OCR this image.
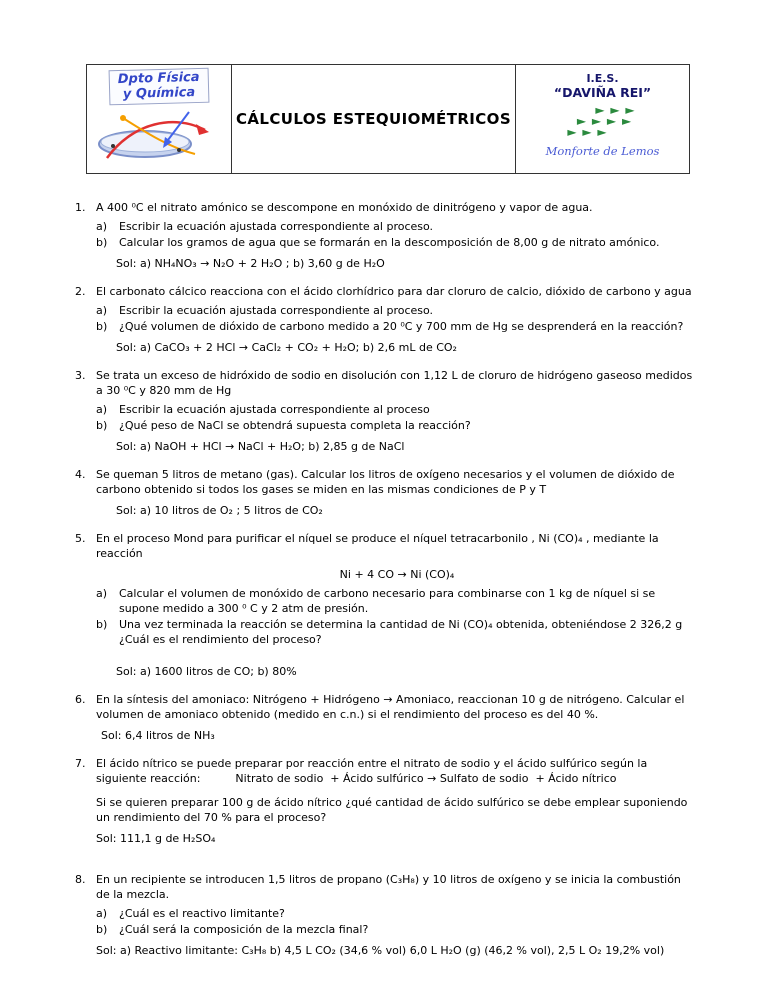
Dpto Física
y Química
CÁLCULOS ESTEQUIOMÉTRICOS
I.E.S.
“DAVIÑA REI”
► ► ►
► ► ► ►
► ► ►
Monforte de Lemos
1. A 400 ⁰C el nitrato amónico se descompone en monóxido de dinitrógeno y vapor de agua.
a)	Escribir la ecuación ajustada correspondiente al proceso.
b)	Calcular los gramos de agua que se formarán en la descomposición de 8,00 g de nitrato amónico.
Sol: a) NH₄NO₃ → N₂O + 2 H₂O ; b) 3,60 g de H₂O
2. El carbonato cálcico reacciona con el ácido clorhídrico para dar cloruro de calcio, dióxido de carbono y agua
a)	Escribir la ecuación ajustada correspondiente al proceso.
b)	¿Qué volumen de dióxido de carbono medido a 20 ⁰C y 700 mm de Hg se desprenderá en la reacción?
Sol: a) CaCO₃ + 2 HCl → CaCl₂ + CO₂ + H₂O; b) 2,6 mL de CO₂
3. Se trata un exceso de hidróxido de sodio en disolución con 1,12 L de cloruro de hidrógeno gaseoso medidos a 30 ⁰C y 820 mm de Hg
a)	Escribir la ecuación ajustada correspondiente al proceso
b)	¿Qué peso de NaCl se obtendrá supuesta completa la reacción?
Sol: a) NaOH + HCl → NaCl + H₂O; b) 2,85 g de NaCl
4. Se queman 5 litros de metano (gas). Calcular los litros de oxígeno necesarios y el volumen de dióxido de carbono obtenido si todos los gases se miden en las mismas condiciones de P y T
Sol: a) 10 litros de O₂ ; 5 litros de CO₂
5. En el proceso Mond para purificar el níquel se produce el níquel tetracarbonilo , Ni (CO)₄ , mediante la reacción
Ni + 4 CO → Ni (CO)₄
a)	Calcular el volumen de monóxido de carbono necesario para combinarse con 1 kg de níquel si se supone medido a 300 ⁰ C y 2 atm de presión.
b)	Una vez terminada la reacción se determina la cantidad de Ni (CO)₄ obtenida, obteniéndose 2 326,2 g ¿Cuál es el rendimiento del proceso?
Sol: a) 1600 litros de CO; b) 80%
6. En la síntesis del amoniaco: Nitrógeno + Hidrógeno → Amoniaco, reaccionan 10 g de nitrógeno. Calcular el volumen de amoniaco obtenido (medido en c.n.) si el rendimiento del proceso es del 40 %.
Sol: 6,4 litros de NH₃
7. El ácido nítrico se puede preparar por reacción entre el nitrato de sodio y el ácido sulfúrico según la siguiente reacción:          Nitrato de sodio  + Ácido sulfúrico → Sulfato de sodio  + Ácido nítrico
Si se quieren preparar 100 g de ácido nítrico ¿qué cantidad de ácido sulfúrico se debe emplear suponiendo un rendimiento del 70 % para el proceso?
Sol: 111,1 g de H₂SO₄
8. En un recipiente se introducen 1,5 litros de propano (C₃H₈) y 10 litros de oxígeno y se inicia la combustión de la mezcla.
a)	¿Cuál es el reactivo limitante?
b)	¿Cuál será la composición de la mezcla final?
Sol: a) Reactivo limitante: C₃H₈ b) 4,5 L CO₂ (34,6 % vol) 6,0 L H₂O (g) (46,2 % vol), 2,5 L O₂ 19,2% vol)
